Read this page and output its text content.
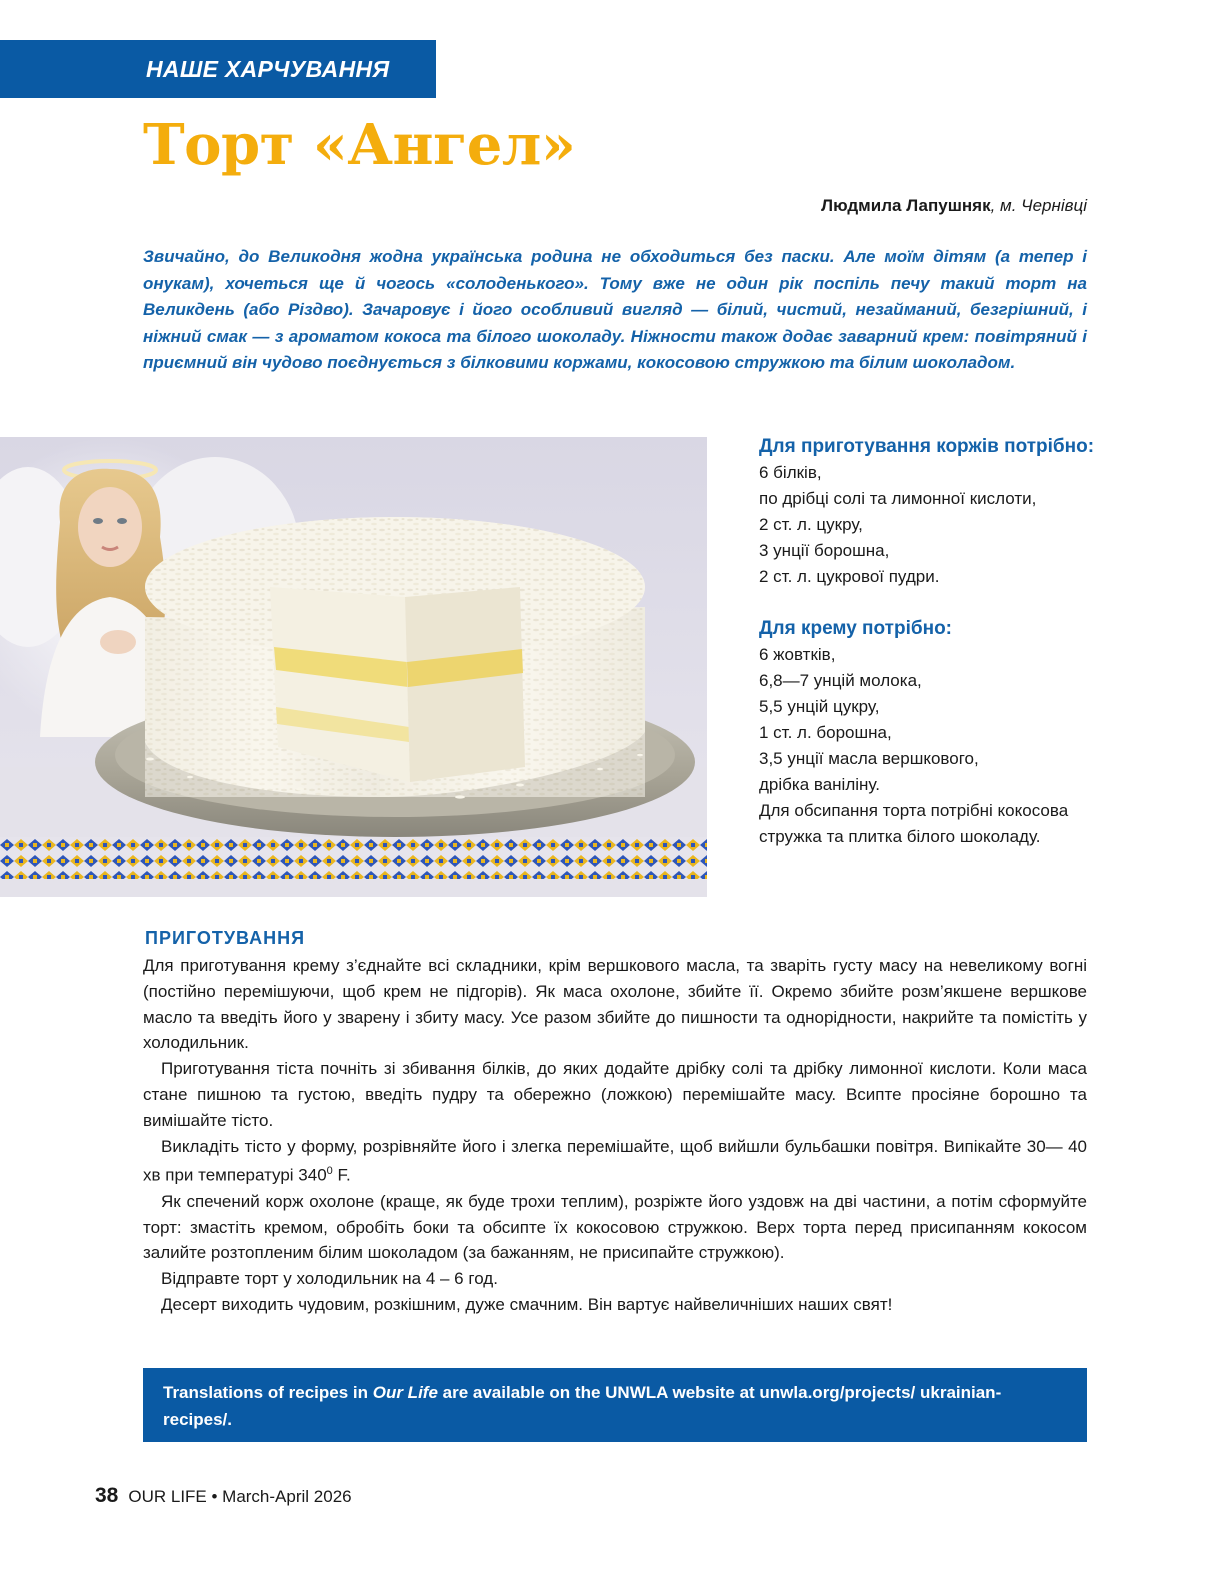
НАШЕ ХАРЧУВАННЯ
Торт «Ангел»
Людмила Лапушняк, м. Чернівці

Звичайно, до Великодня жодна українська родина не обходиться без паски. Але моїм дітям (а тепер і онукам), хочеться ще й чогось «солоденького». Тому вже не один рік поспіль печу такий торт на Великдень (або Різдво). Зачаровує і його особливий вигляд — білий, чистий, незайманий, безгрішний, і ніжний смак — з ароматом кокоса та білого шоколаду. Ніжности також додає заварний крем: повітряний і приємний він чудово поєднується з білковими коржами, кокосовою стружкою та білим шоколадом.

Для приготування коржів потрібно:
6 білків,
по дрібці солі та лимонної кислоти,
2 ст. л. цукру,
3 унції борошна,
2 ст. л. цукрової пудри.
Для крему потрібно:
6 жовтків,
6,8—7 унцій молока,
5,5 унцій цукру,
1 ст. л. борошна,
3,5 унції масла вершкового,
дрібка ваніліну.
Для обсипання торта потрібні кокосова стружка та плитка білого шоколаду.
ПРИГОТУВАННЯ

Для приготування крему з’єднайте всі складники, крім вершкового масла, та зваріть густу масу на невеликому вогні (постійно перемішуючи, щоб крем не підгорів). Як маса охолоне, збийте її. Окремо збийте розм’якшене вершкове масло та введіть його у зварену і збиту масу. Усе разом збийте до пишности та однорідности, накрийте та помістіть у холодильник.

Приготування тіста почніть зі збивання білків, до яких додайте дрібку солі та дрібку лимонної кислоти. Коли маса стане пишною та густою, введіть пудру та обережно (ложкою) перемішайте масу. Всипте просіяне борошно та вимішайте тісто.

Викладіть тісто у форму, розрівняйте його і злегка перемішайте, щоб вийшли бульбашки повітря. Випікайте 30— 40 хв при температурі $340^0$ F.

Як спечений корж охолоне (краще, як буде трохи теплим), розріжте його уздовж на дві частини, а потім сформуйте торт: змастіть кремом, обробіть боки та обсипте їх кокосовою стружкою. Верх торта перед присипанням кокосом залийте розтопленим білим шоколадом (за бажанням, не присипайте стружкою).

Відправте торт у холодильник на 4 – 6 год.

Десерт виходить чудовим, розкішним, дуже смачним. Він вартує найвеличніших наших свят!

Translations of recipes in Our Life are available on the UNWLA website at unwla.org/projects/ ukrainian-recipes/.
38 OUR LIFE • March-April 2026
